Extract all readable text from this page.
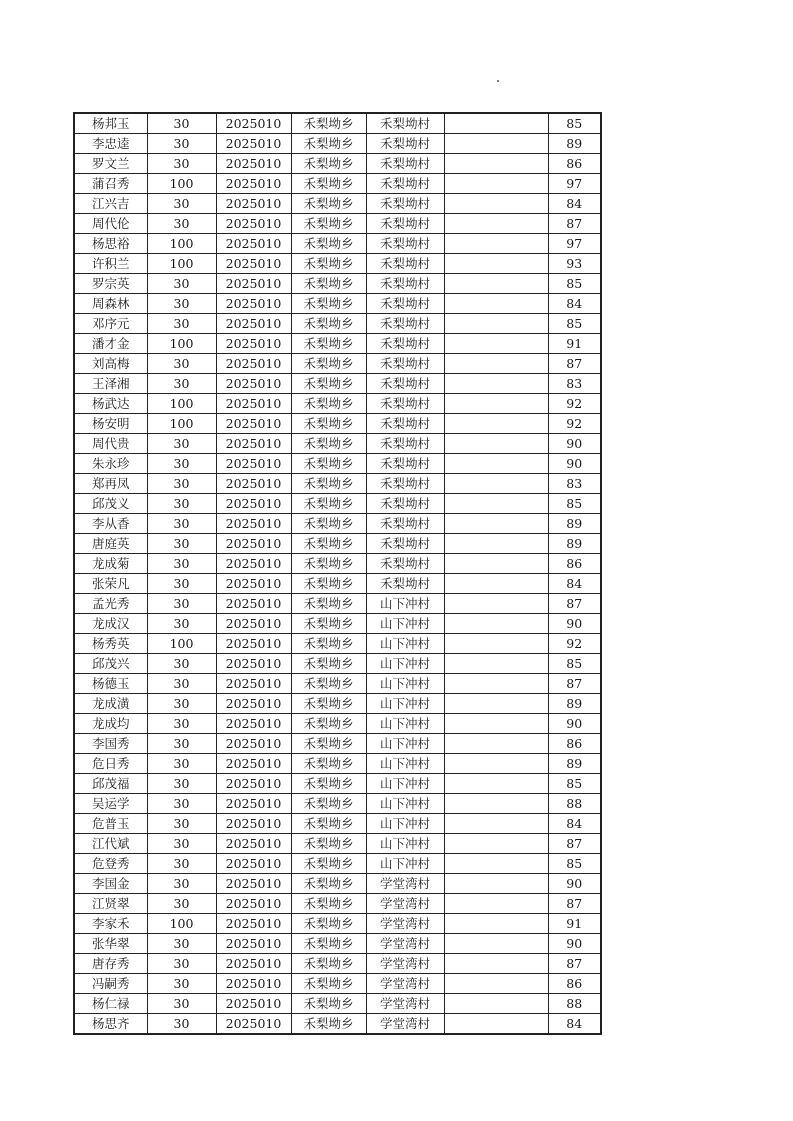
杨邦玉	30	2025010	禾梨坳乡	禾梨坳村		85
李忠逵	30	2025010	禾梨坳乡	禾梨坳村		89
罗文兰	30	2025010	禾梨坳乡	禾梨坳村		86
蒲召秀	100	2025010	禾梨坳乡	禾梨坳村		97
江兴吉	30	2025010	禾梨坳乡	禾梨坳村		84
周代伦	30	2025010	禾梨坳乡	禾梨坳村		87
杨思裕	100	2025010	禾梨坳乡	禾梨坳村		97
许积兰	100	2025010	禾梨坳乡	禾梨坳村		93
罗宗英	30	2025010	禾梨坳乡	禾梨坳村		85
周森林	30	2025010	禾梨坳乡	禾梨坳村		84
邓序元	30	2025010	禾梨坳乡	禾梨坳村		85
潘才金	100	2025010	禾梨坳乡	禾梨坳村		91
刘高梅	30	2025010	禾梨坳乡	禾梨坳村		87
王泽湘	30	2025010	禾梨坳乡	禾梨坳村		83
杨武达	100	2025010	禾梨坳乡	禾梨坳村		92
杨安明	100	2025010	禾梨坳乡	禾梨坳村		92
周代贵	30	2025010	禾梨坳乡	禾梨坳村		90
朱永珍	30	2025010	禾梨坳乡	禾梨坳村		90
郑再凤	30	2025010	禾梨坳乡	禾梨坳村		83
邱茂义	30	2025010	禾梨坳乡	禾梨坳村		85
李从香	30	2025010	禾梨坳乡	禾梨坳村		89
唐庭英	30	2025010	禾梨坳乡	禾梨坳村		89
龙成菊	30	2025010	禾梨坳乡	禾梨坳村		86
张荣凡	30	2025010	禾梨坳乡	禾梨坳村		84
孟光秀	30	2025010	禾梨坳乡	山下冲村		87
龙成汉	30	2025010	禾梨坳乡	山下冲村		90
杨秀英	100	2025010	禾梨坳乡	山下冲村		92
邱茂兴	30	2025010	禾梨坳乡	山下冲村		85
杨德玉	30	2025010	禾梨坳乡	山下冲村		87
龙成潢	30	2025010	禾梨坳乡	山下冲村		89
龙成均	30	2025010	禾梨坳乡	山下冲村		90
李国秀	30	2025010	禾梨坳乡	山下冲村		86
危日秀	30	2025010	禾梨坳乡	山下冲村		89
邱茂福	30	2025010	禾梨坳乡	山下冲村		85
吴运学	30	2025010	禾梨坳乡	山下冲村		88
危普玉	30	2025010	禾梨坳乡	山下冲村		84
江代斌	30	2025010	禾梨坳乡	山下冲村		87
危登秀	30	2025010	禾梨坳乡	山下冲村		85
李国金	30	2025010	禾梨坳乡	学堂湾村		90
江贤翠	30	2025010	禾梨坳乡	学堂湾村		87
李家禾	100	2025010	禾梨坳乡	学堂湾村		91
张华翠	30	2025010	禾梨坳乡	学堂湾村		90
唐存秀	30	2025010	禾梨坳乡	学堂湾村		87
冯嗣秀	30	2025010	禾梨坳乡	学堂湾村		86
杨仁禄	30	2025010	禾梨坳乡	学堂湾村		88
杨思齐	30	2025010	禾梨坳乡	学堂湾村		84
